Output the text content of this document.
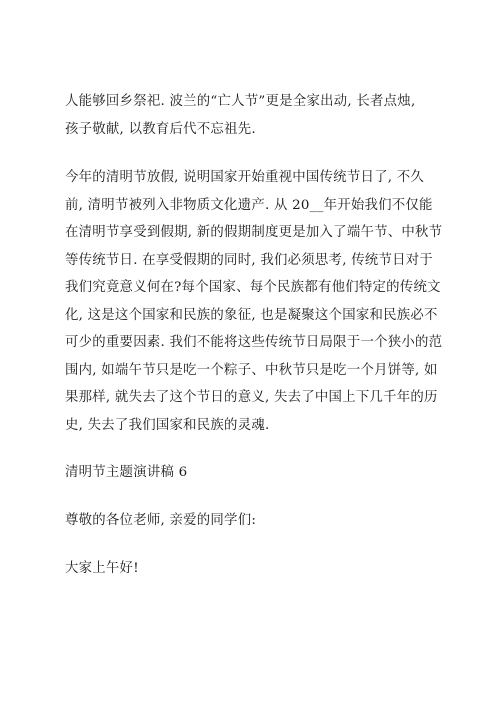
人能够回乡祭祀. 波兰的“亡人节”更是全家出动, 长者点烛,
孩子敬献, 以教育后代不忘祖先.
今年的清明节放假, 说明国家开始重视中国传统节日了, 不久
前, 清明节被列入非物质文化遗产. 从 20__年开始我们不仅能
在清明节享受到假期, 新的假期制度更是加入了端午节、中秋节
等传统节日. 在享受假期的同时, 我们必须思考, 传统节日对于
我们究竟意义何在?每个国家、每个民族都有他们特定的传统文
化, 这是这个国家和民族的象征, 也是凝聚这个国家和民族必不
可少的重要因素. 我们不能将这些传统节日局限于一个狭小的范
围内, 如端午节只是吃一个粽子、中秋节只是吃一个月饼等, 如
果那样, 就失去了这个节日的意义, 失去了中国上下几千年的历
史, 失去了我们国家和民族的灵魂.
清明节主题演讲稿 6
尊敬的各位老师, 亲爱的同学们:
大家上午好!
